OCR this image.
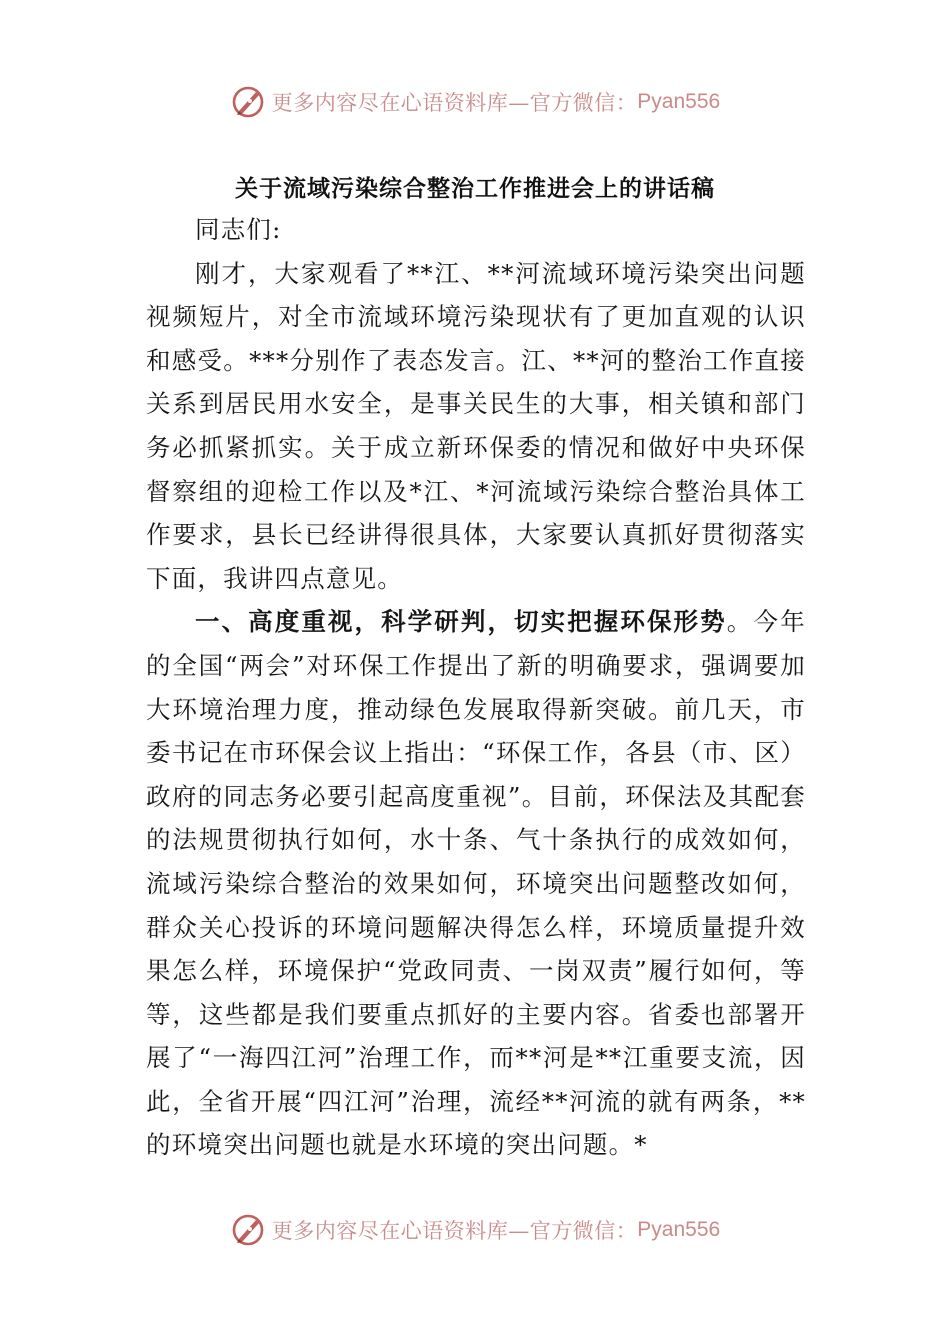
更多内容尽在心语资料库—官方微信： Pyan556
关于流域污染综合整治工作推进会上的讲话稿

同志们:

刚才，大家观看了**江、**河流域环境污染突出问题视频短片，对全市流域环境污染现状有了更加直观的认识和感受。***分别作了表态发言。江、**河的整治工作直接关系到居民用水安全，是事关民生的大事，相关镇和部门务必抓紧抓实。关于成立新环保委的情况和做好中央环保督察组的迎检工作以及*江、*河流域污染综合整治具体工作要求，县长已经讲得很具体，大家要认真抓好贯彻落实下面，我讲四点意见。

一、高度重视，科学研判，切实把握环保形势。今年的全国“两会”对环保工作提出了新的明确要求，强调要加大环境治理力度，推动绿色发展取得新突破。前几天，市委书记在市环保会议上指出：“环保工作，各县（市、区）政府的同志务必要引起高度重视”。目前，环保法及其配套的法规贯彻执行如何，水十条、气十条执行的成效如何，流域污染综合整治的效果如何，环境突出问题整改如何，群众关心投诉的环境问题解决得怎么样，环境质量提升效果怎么样，环境保护“党政同责、一岗双责”履行如何，等等，这些都是我们要重点抓好的主要内容。省委也部署开展了“一海四江河”治理工作，而**河是**江重要支流，因此，全省开展“四江河”治理，流经**河流的就有两条，**的环境突出问题也就是水环境的突出问题。*

更多内容尽在心语资料库—官方微信： Pyan556
